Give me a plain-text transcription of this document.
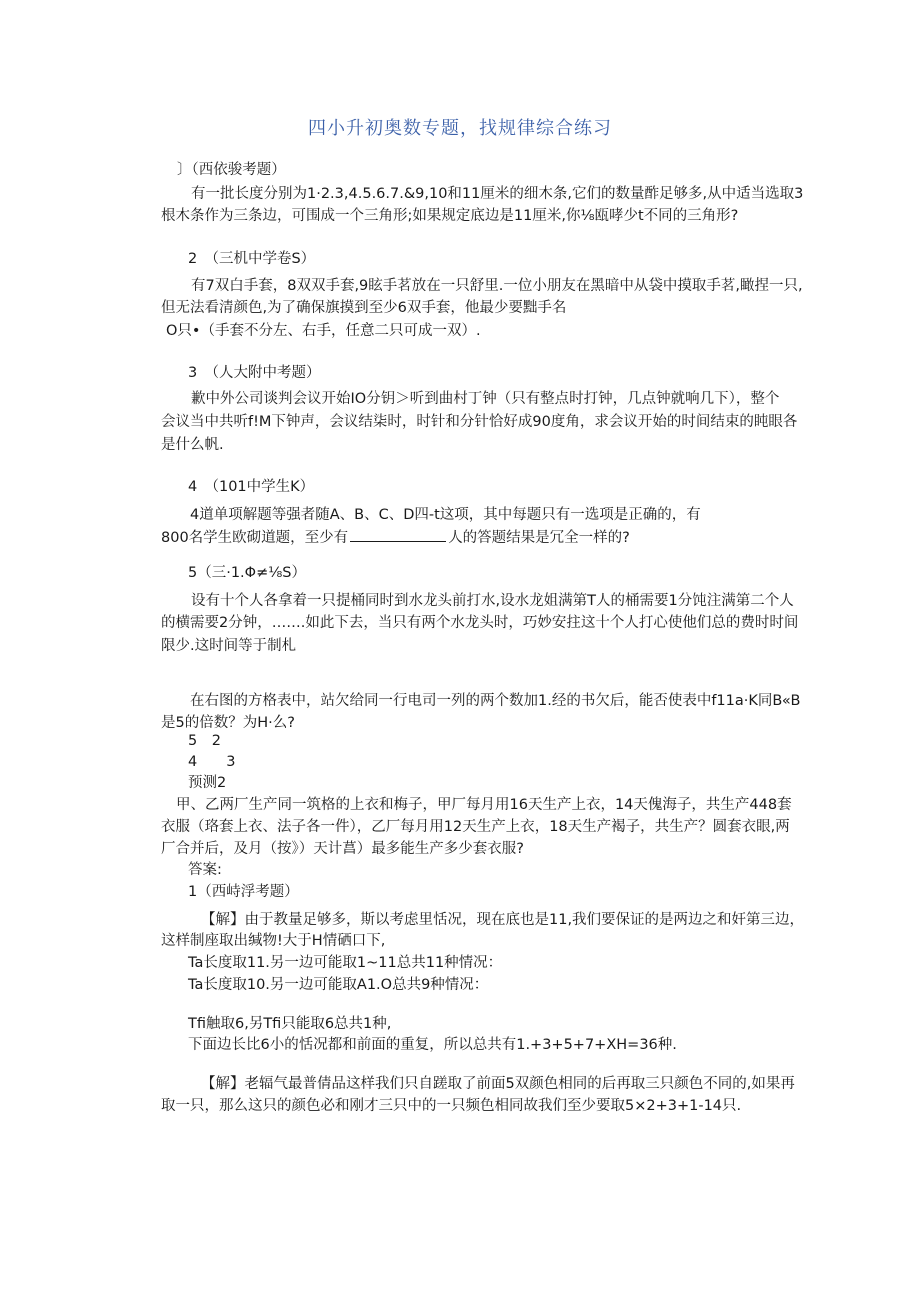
四小升初奥数专题，找规律综合练习
〕（西依骏考题）
有一批长度分别为1·2.3,4.5.6.7.&9,10和11厘米的细木条,它们的数量酢足够多,从中适当选取3
根木条作为三条边，可围成一个三角形;如果规定底边是11厘米,你⅛瓯哮少t不同的三角形?
2　（三机中学卷S）
有7双白手套，8双双手套,9眩手茗放在一只舒里.一位小朋友在黑暗中从袋中摸取手茗,瞰捏一只,
但无法看清颜色,为了确保旗摸到至少6双手套，他最少要黜手名
O只•（手套不分左、右手，任意二只可成一双）.
3　（人大附中考题）
歉中外公司谈判会议开始IO分钥＞听到曲村丁钟（只有整点时打钟，几点钟就响几下），整个
会议当中共听f!M下钟声，会议结柒时，时针和分针恰好成90度角，求会议开始的时间结束的盹眼各
是什么帆.
4　（101中学生K）
4道单项解题等强者随A、B、C、D四-t这项，其中每题只有一选项是正确的，有
800名学生欧砌道题，至少有	人的答题结果是冗全一样的?
5（三·1.Φ≠⅛S）
设有十个人各拿着一只提桶同时到水龙头前打水,设水龙姐满第T人的桶需要1分饨注满第二个人
的横需要2分钟，…….如此下去，当只有两个水龙头时，巧妙安拄这十个人打心使他们总的费时时间
限少.这时间等于制札
在右图的方格表中，站欠给同一行电司一列的两个数加1.经的书欠后，能否使表中f11a·K同B«B
是5的倍数？为H·么?
5　2
4　　3
预测2
甲、乙两厂生产同一筑格的上衣和梅子，甲厂每月用16天生产上衣，14天傀海子，共生产448套
衣服（珞套上衣、法子各一件），乙厂每月用12天生产上衣，18天生产褐子，共生产？圆套衣眼,两
厂合并后，及月（按》）天计菖）最多能生产多少套衣服?
答案:
1（西峙浮考题）
【解】由于教量足够多，斯以考虑里恬况，现在底也是11,我们要保证的是两边之和奸第三边，
这样制座取出缄物!大于H情硒口下,
Ta长度取11.另一边可能取1~11总共11种情况：
Ta长度取10.另一边可能取A1.O总共9种情况：
Tfi触取6,另Tfi只能取6总共1种,
下面边长比6小的恬况都和前面的重复，所以总共有1.+3+5+7+XH=36种.
【解】老辐气最普倩品这样我们只自蹉取了前面5双颜色相同的后再取三只颜色不同的,如果再
取一只，那么这只的颜色必和刚才三只中的一只频色相同故我们至少要取5×2+3+1-14只.
